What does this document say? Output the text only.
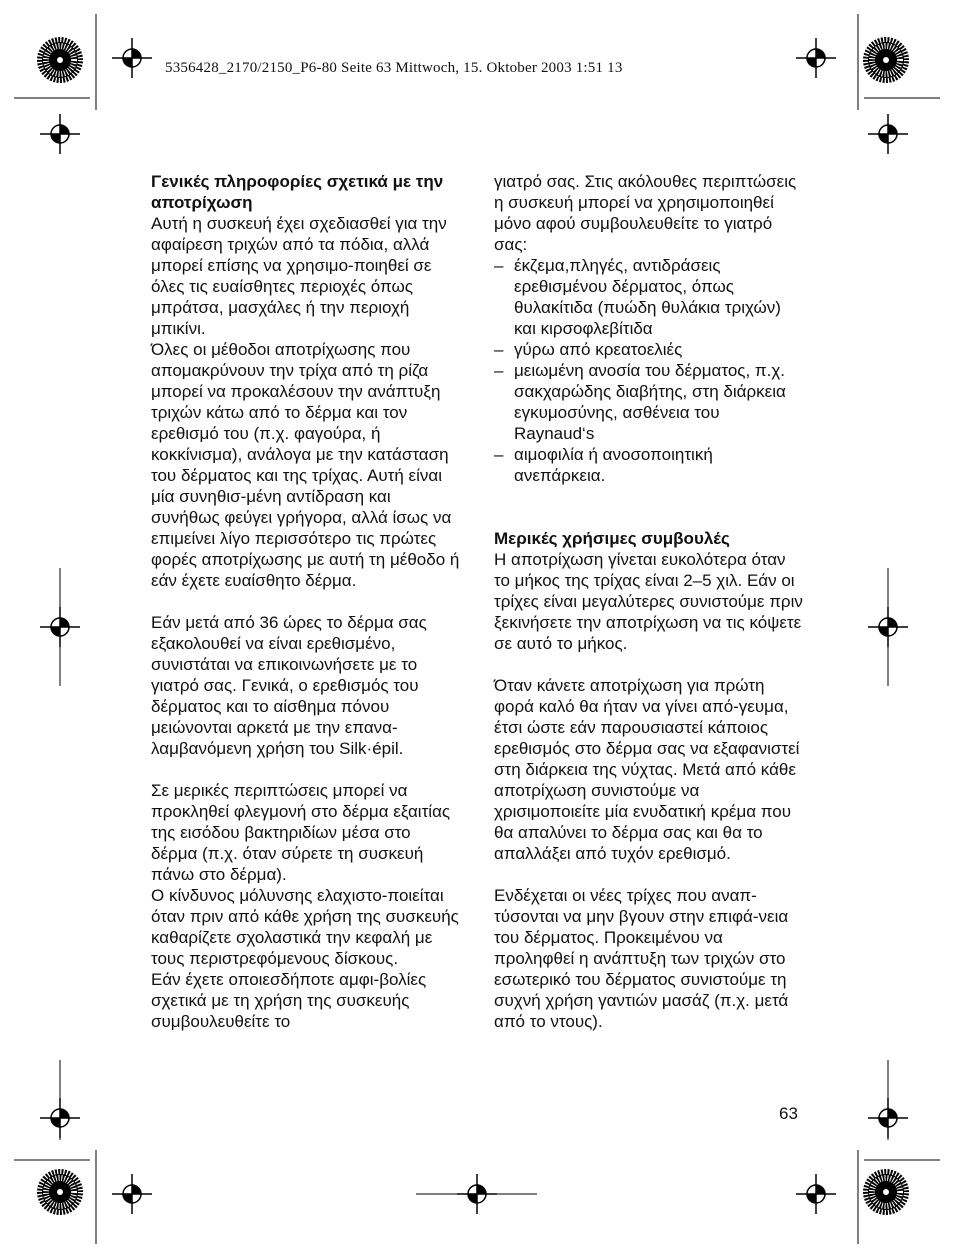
5356428_2170/2150_P6-80 Seite 63 Mittwoch, 15. Oktober 2003 1:51 13
Γενικές πληροφορίες σχετικά με την αποτρίχωση

Αυτή η συσκευή έχει σχεδιασθεί για την αφαίρεση τριχών από τα πόδια, αλλά μπορεί επίσης να χρησιμο-ποιηθεί σε όλες τις ευαίσθητες περιοχές όπως μπράτσα, μασχάλες ή την περιοχή μπικίνι.

Όλες οι μέθοδοι αποτρίχωσης που απομακρύνουν την τρίχα από τη ρίζα μπορεί να προκαλέσουν την ανάπτυξη τριχών κάτω από το δέρμα και τον ερεθισμό του (π.χ. φαγούρα, ή κοκκίνισμα), ανάλογα με την κατάσταση του δέρματος και της τρίχας. Αυτή είναι μία συνηθισ-μένη αντίδραση και συνήθως φεύγει γρήγορα, αλλά ίσως να επιμείνει λίγο περισσότερο τις πρώτες φορές αποτρίχωσης με αυτή τη μέθοδο ή εάν έχετε ευαίσθητο δέρμα.

Εάν μετά από 36 ώρες το δέρμα σας εξακολουθεί να είναι ερεθισμένο, συνιστάται να επικοινωνήσετε με το γιατρό σας. Γενικά, ο ερεθισμός του δέρματος και το αίσθημα πόνου μειώνονται αρκετά με την επανα-λαμβανόμενη χρήση του Silk·épil.

Σε μερικές περιπτώσεις μπορεί να προκληθεί φλεγμονή στο δέρμα εξαιτίας της εισόδου βακτηριδίων μέσα στο δέρμα (π.χ. όταν σύρετε τη συσκευή πάνω στο δέρμα).

Ο κίνδυνος μόλυνσης ελαχιστο-ποιείται όταν πριν από κάθε χρήση της συσκευής καθαρίζετε σχολαστικά την κεφαλή με τους περιστρεφόμενους δίσκους.

Εάν έχετε οποιεσδήποτε αμφι-βολίες σχετικά με τη χρήση της συσκευής συμβουλευθείτε το

γιατρό σας. Στις ακόλουθες περιπτώσεις η συσκευή μπορεί να χρησιμοποιηθεί μόνο αφού συμβουλευθείτε το γιατρό σας:

– έκζεμα,πληγές, αντιδράσεις ερεθισμένου δέρματος, όπως θυλακίτιδα (πυώδη θυλάκια τριχών) και κιρσοφλεβίτιδα
– γύρω από κρεατοελιές
– μειωμένη ανοσία του δέρματος, π.χ. σακχαρώδης διαβήτης, στη διάρκεια εγκυμοσύνης, ασθένεια του Raynaud‘s
– αιμοφιλία ή ανοσοποιητική ανεπάρκεια.
Μερικές χρήσιμες συμβουλές

Η αποτρίχωση γίνεται ευκολότερα όταν το μήκος της τρίχας είναι 2–5 χιλ. Εάν οι τρίχες είναι μεγαλύτερες συνιστούμε πριν ξεκινήσετε την αποτρίχωση να τις κόψετε σε αυτό το μήκος.

Όταν κάνετε αποτρίχωση για πρώτη φορά καλό θα ήταν να γίνει από-γευμα, έτσι ώστε εάν παρουσιαστεί κάποιος ερεθισμός στο δέρμα σας να εξαφανιστεί στη διάρκεια της νύχτας. Μετά από κάθε αποτρίχωση συνιστούμε να χρισιμοποιείτε μία ενυδατική κρέμα που θα απαλύνει το δέρμα σας και θα το απαλλάξει από τυχόν ερεθισμό.

Ενδέχεται οι νέες τρίχες που αναπ-τύσονται να μην βγουν στην επιφά-νεια του δέρματος. Προκειμένου να προληφθεί η ανάπτυξη των τριχών στο εσωτερικό του δέρματος συνιστούμε τη συχνή χρήση γαντιών μασάζ (π.χ. μετά από το ντους).

63
